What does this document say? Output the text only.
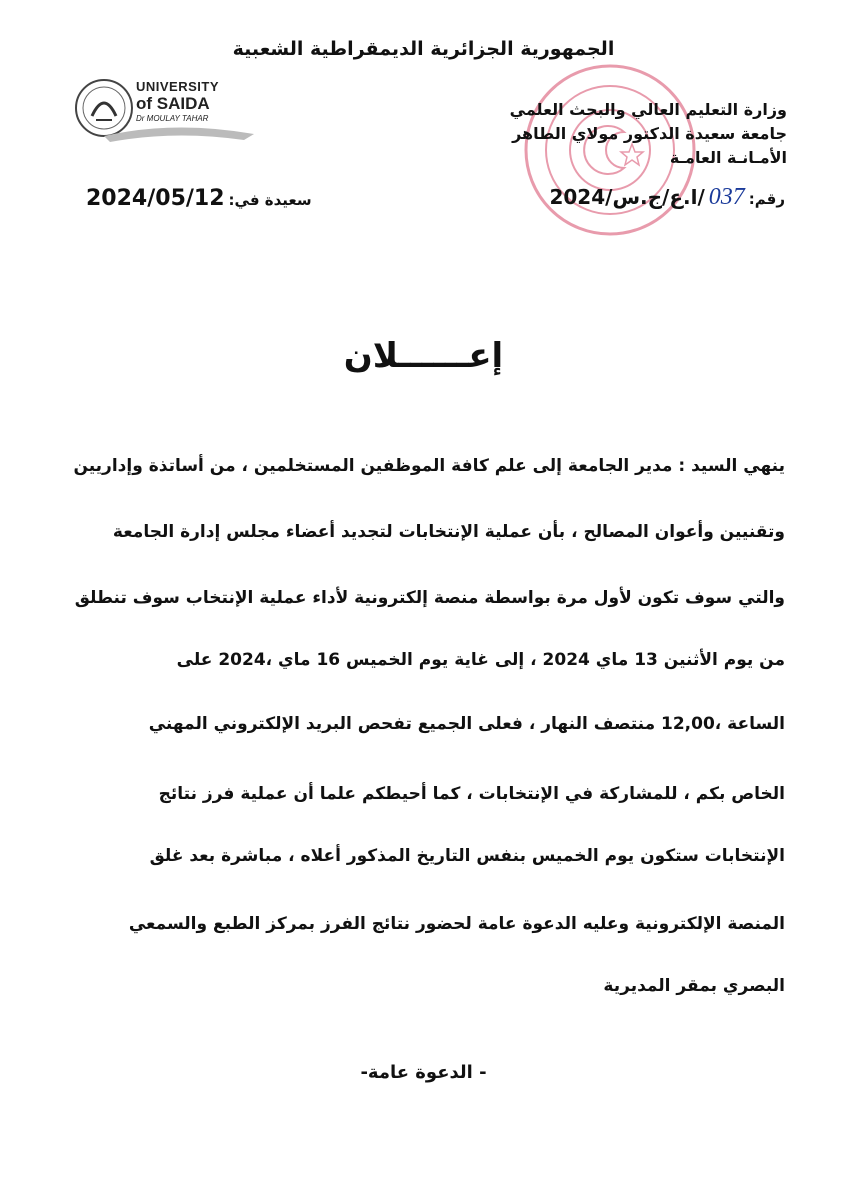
الجمهورية الجزائرية الديمقراطية الشعبية
UNIVERSITY
of SAIDA
Dr MOULAY TAHAR	وزارة التعليم العالي والبحث العلمي
جامعة سعيدة الدكتور مولاي الطاهر
الأمـانـة العامـة
رقم:
037
/ا.ع/ج.س/2024
سعيدة في:
2024/05/12
إعــــــلان
ينهي السيد : مدير الجامعة إلى علم كافة الموظفين المستخلمين ، من أساتذة وإداريين
وتقنيين وأعوان المصالح ، بأن عملية الإنتخابات لتجديد أعضاء مجلس إدارة الجامعة
والتي سوف تكون لأول مرة بواسطة منصة إلكترونية لأداء عملية الإنتخاب سوف تنطلق
من يوم الأثنين 13 ماي 2024 ، إلى غاية يوم الخميس 16 ماي ،2024 على
الساعة ،12,00 منتصف النهار ، فعلى الجميع تفحص البريد الإلكتروني المهني
الخاص بكم ، للمشاركة في الإنتخابات ، كما أحيطكم علما أن عملية فرز نتائج
الإنتخابات ستكون يوم الخميس بنفس التاريخ المذكور أعلاه ، مباشرة بعد غلق
المنصة الإلكترونية وعليه الدعوة عامة لحضور نتائج الفرز بمركز الطبع والسمعي
البصري بمقر المديرية
- الدعوة عامة-
